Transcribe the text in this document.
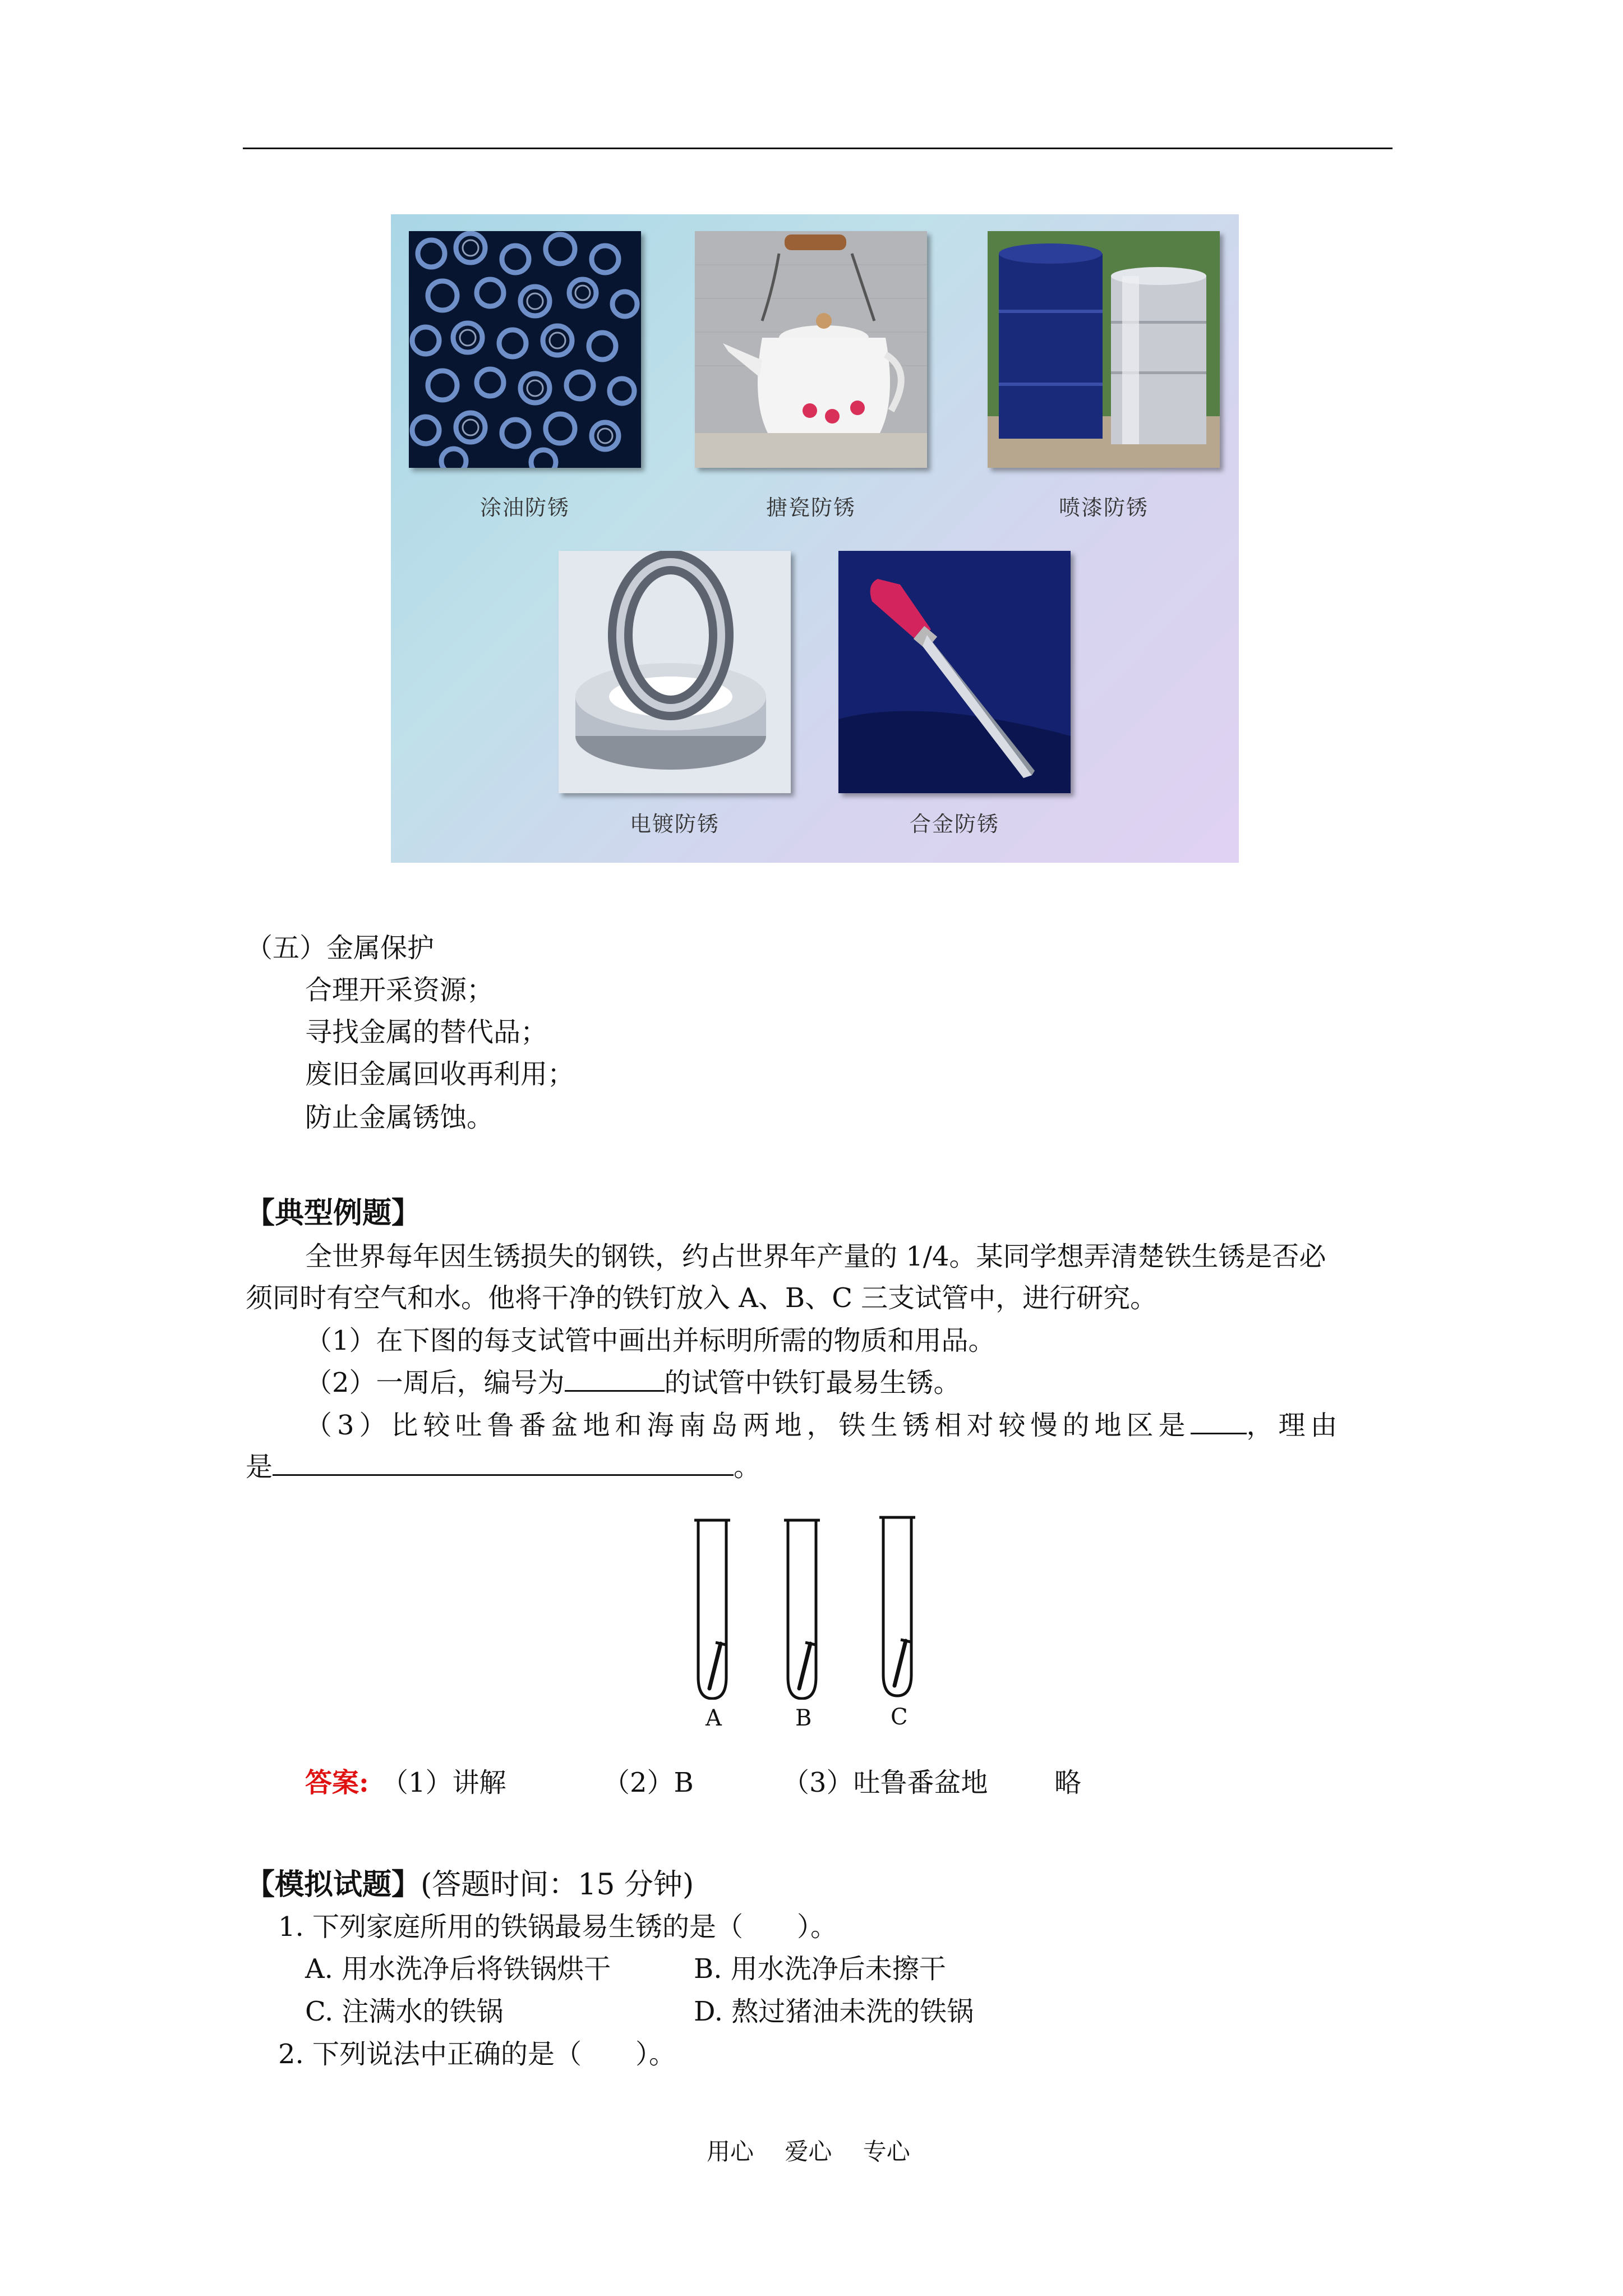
涂油防锈	搪瓷防锈	喷漆防锈
电镀防锈	合金防锈
（五）金属保护
合理开采资源；
寻找金属的替代品；
废旧金属回收再利用；
防止金属锈蚀。
【典型例题】
全世界每年因生锈损失的钢铁，约占世界年产量的 1/4。某同学想弄清楚铁生锈是否必
须同时有空气和水。他将干净的铁钉放入 A、B、C 三支试管中，进行研究。
（1）在下图的每支试管中画出并标明所需的物质和用品。
（2）一周后，编号为	的试管中铁钉最易生锈。
（3）比较吐鲁番盆地和海南岛两地，铁生锈相对较慢的地区是 ，理由
是	。
A	B	C
答案: （1）讲解	（2）B	（3）吐鲁番盆地 略
【模拟试题】(答题时间：15 分钟)
1. 下列家庭所用的铁锅最易生锈的是（　　）。
A. 用水洗净后将铁锅烘干	B. 用水洗净后未擦干
C. 注满水的铁锅	D. 熬过猪油未洗的铁锅
2. 下列说法中正确的是（　　）。
用心　 爱心 　专心
